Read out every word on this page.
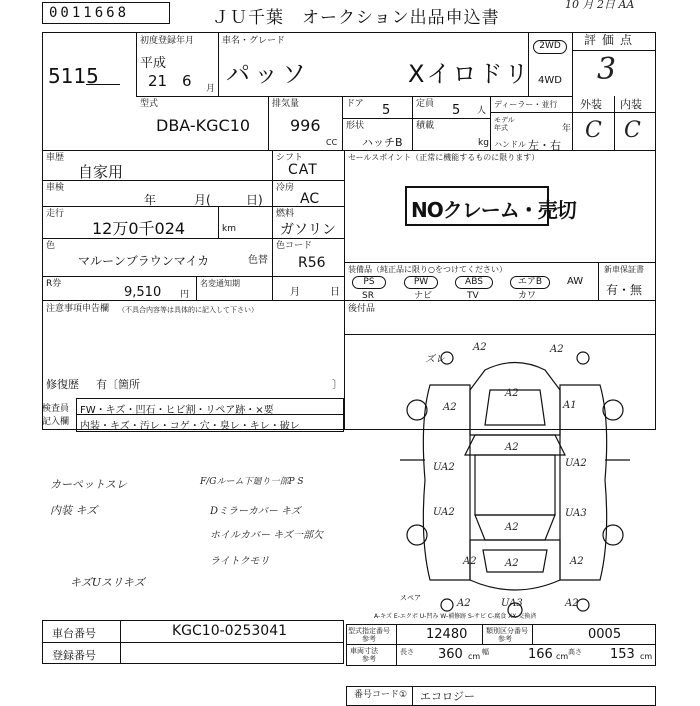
0011668	ＪＵ千葉　オークション出品申込書
10 月 2日 AA
5115
初度登録年月
平成
21 6 月
車名・グレード
パッソ	Xイロドリ
2WD
4WD
評価点
3
型式
DBA-KGC10
排気量
996
CC
ドア 5	定員 5 人
形状
ハッチB
積載
kg
ディーラー・並行
モデル 年式	年
ハンドル 左・右
外装 内装
C C
車歴
自家用
シフト
CAT
車検
年	月(	日)
冷房
AC
走行
12万0千024	km
燃料
ガソリン
色
マルーンブラウンマイカ	色替
色コード
R56
R券
9,510 円
名変通知期
月	日
セールスポイント（正常に機能するものに限ります）
NOクレーム・売切
装備品（純正品に限り○をつけてください）
PS	PW	ABS	エアB	AW
SR	ナビ	TV	カワ
新車保証書
有・無
注意事項申告欄 （不具合内容等は具体的に記入して下さい）	後付品
修復歴 有〔箇所	〕
検査員
記入欄
FW・キズ・凹石・ヒビ割・リペア跡・×要
内装・キズ・汚レ・コゲ・穴・臭レ・キレ・破レ
カーペットスレ
内装 キズ
キズUスリキズ
F/Gルーム下廻り一部P S
Dミラーカバー キズ
ホイルカバー キズ一部欠
ライトクモリ
ズレ
A2	A2
A2
A1
A2
A2
UA2	UA2
UA2	UA3
A2
A2
A2	A2
A2	UA3	A2
スペア
A-キズ E-エクボ U-凹み W-補修跡 S-サビ C-腐食 XX-交換済
車台番号	KGC10-0253041
登録番号
型式指定番号
参考	12480	類別区分番号
参考	0005
車両寸法
参考
長さ 360 cm 幅	166 cm 高さ 153 cm
番号コード① エコロジー
